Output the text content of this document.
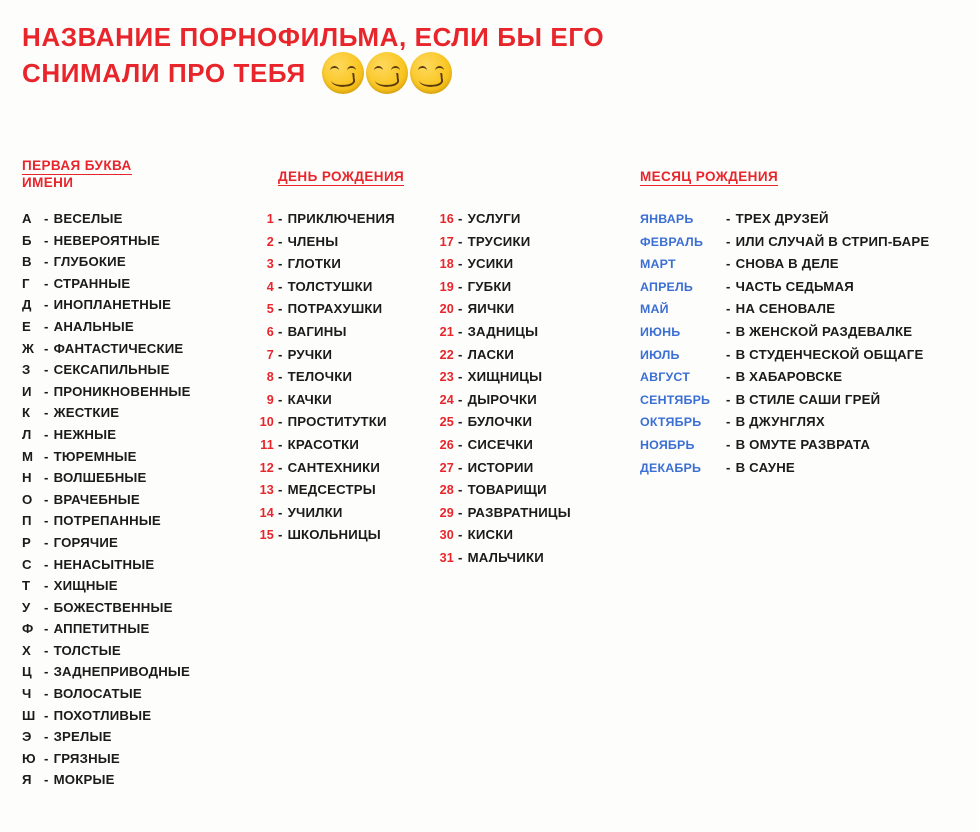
НАЗВАНИЕ ПОРНОФИЛЬМА, ЕСЛИ БЫ ЕГО
СНИМАЛИ ПРО ТЕБЯ
ПЕРВАЯ БУКВА
ИМЕНИ
А - ВЕСЕЛЫЕ
Б - НЕВЕРОЯТНЫЕ
В - ГЛУБОКИЕ
Г	- СТРАННЫЕ
Д - ИНОПЛАНЕТНЫЕ
Е - АНАЛЬНЫЕ
Ж - ФАНТАСТИЧЕСКИЕ
З	- СЕКСАПИЛЬНЫЕ
И - ПРОНИКНОВЕННЫЕ
К	- ЖЕСТКИЕ
Л - НЕЖНЫЕ
М - ТЮРЕМНЫЕ
Н - ВОЛШЕБНЫЕ
О - ВРАЧЕБНЫЕ
П - ПОТРЕПАННЫЕ
Р - ГОРЯЧИЕ
С - НЕНАСЫТНЫЕ
Т	- ХИЩНЫЕ
У	- БОЖЕСТВЕННЫЕ
Ф - АППЕТИТНЫЕ
Х - ТОЛСТЫЕ
Ц - ЗАДНЕПРИВОДНЫЕ
Ч - ВОЛОСАТЫЕ
Ш - ПОХОТЛИВЫЕ
Э - ЗРЕЛЫЕ
Ю - ГРЯЗНЫЕ
Я - МОКРЫЕ
ДЕНЬ РОЖДЕНИЯ
1 - ПРИКЛЮЧЕНИЯ
2 - ЧЛЕНЫ
3 - ГЛОТКИ
4 - ТОЛСТУШКИ
5 - ПОТРАХУШКИ
6 - ВАГИНЫ
7 - РУЧКИ
8 - ТЕЛОЧКИ
9 - КАЧКИ
10 - ПРОСТИТУТКИ
11 - КРАСОТКИ
12 - САНТЕХНИКИ
13 - МЕДСЕСТРЫ
14 - УЧИЛКИ
15 - ШКОЛЬНИЦЫ
16 - УСЛУГИ
17 - ТРУСИКИ
18 - УСИКИ
19 - ГУБКИ
20 - ЯИЧКИ
21 - ЗАДНИЦЫ
22 - ЛАСКИ
23 - ХИЩНИЦЫ
24 - ДЫРОЧКИ
25 - БУЛОЧКИ
26 - СИСЕЧКИ
27 - ИСТОРИИ
28 - ТОВАРИЩИ
29 - РАЗВРАТНИЦЫ
30 - КИСКИ
31 - МАЛЬЧИКИ
МЕСЯЦ РОЖДЕНИЯ
ЯНВАРЬ	- ТРЕХ ДРУЗЕЙ
ФЕВРАЛЬ	- ИЛИ СЛУЧАЙ В СТРИП-БАРЕ
МАРТ	- СНОВА В ДЕЛЕ
АПРЕЛЬ	- ЧАСТЬ СЕДЬМАЯ
МАЙ	- НА СЕНОВАЛЕ
ИЮНЬ	- В ЖЕНСКОЙ РАЗДЕВАЛКЕ
ИЮЛЬ	- В СТУДЕНЧЕСКОЙ ОБЩАГЕ
АВГУСТ	- В ХАБАРОВСКЕ
СЕНТЯБРЬ	- В СТИЛЕ САШИ ГРЕЙ
ОКТЯБРЬ	- В ДЖУНГЛЯХ
НОЯБРЬ	- В ОМУТЕ РАЗВРАТА
ДЕКАБРЬ	- В САУНЕ
